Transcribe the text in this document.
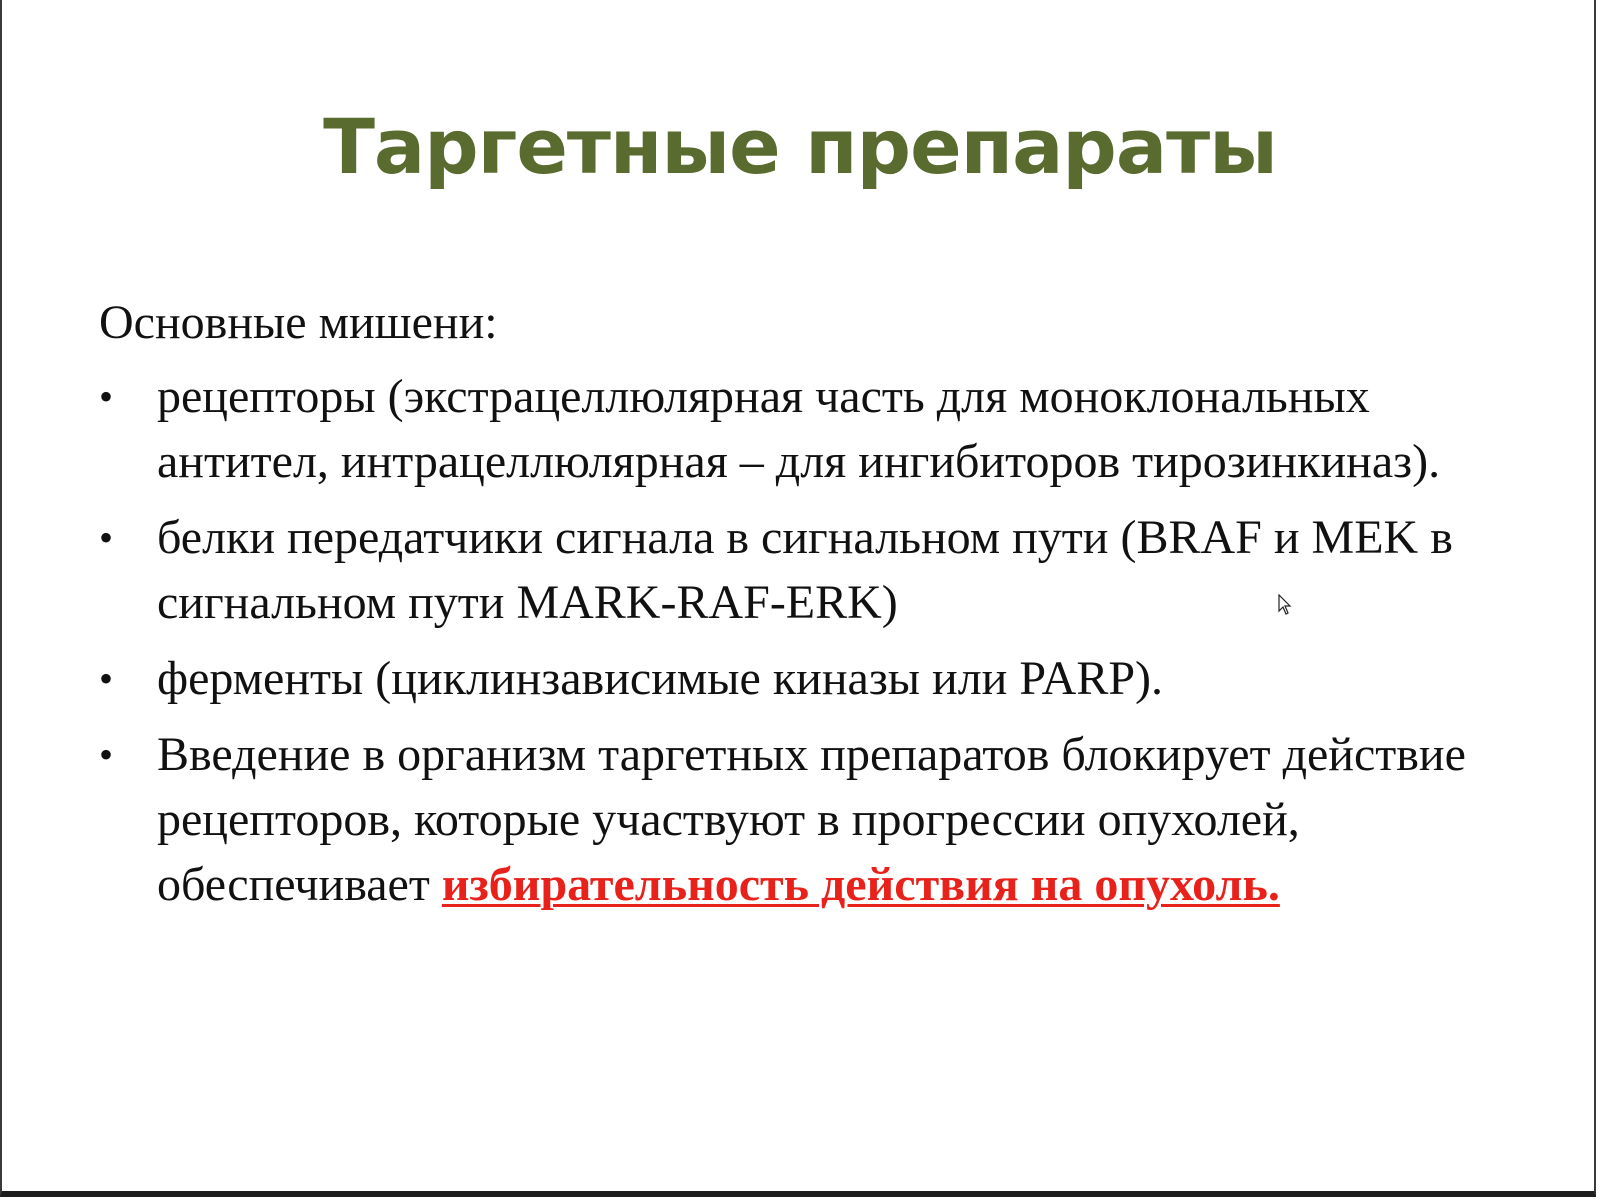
Таргетные препараты

Основные мишени:

• рецепторы (экстрацеллюлярная часть для моноклональных антител, интрацеллюлярная – для ингибиторов тирозинкиназ).
• белки передатчики сигнала в сигнальном пути (BRAF и MEK в сигнальном пути MARK-RAF-ERK)
• ферменты (циклинзависимые киназы или PARP).
• Введение в организм таргетных препаратов блокирует действие рецепторов, которые участвуют в прогрессии опухолей, обеспечивает избирательность действия на опухоль.
